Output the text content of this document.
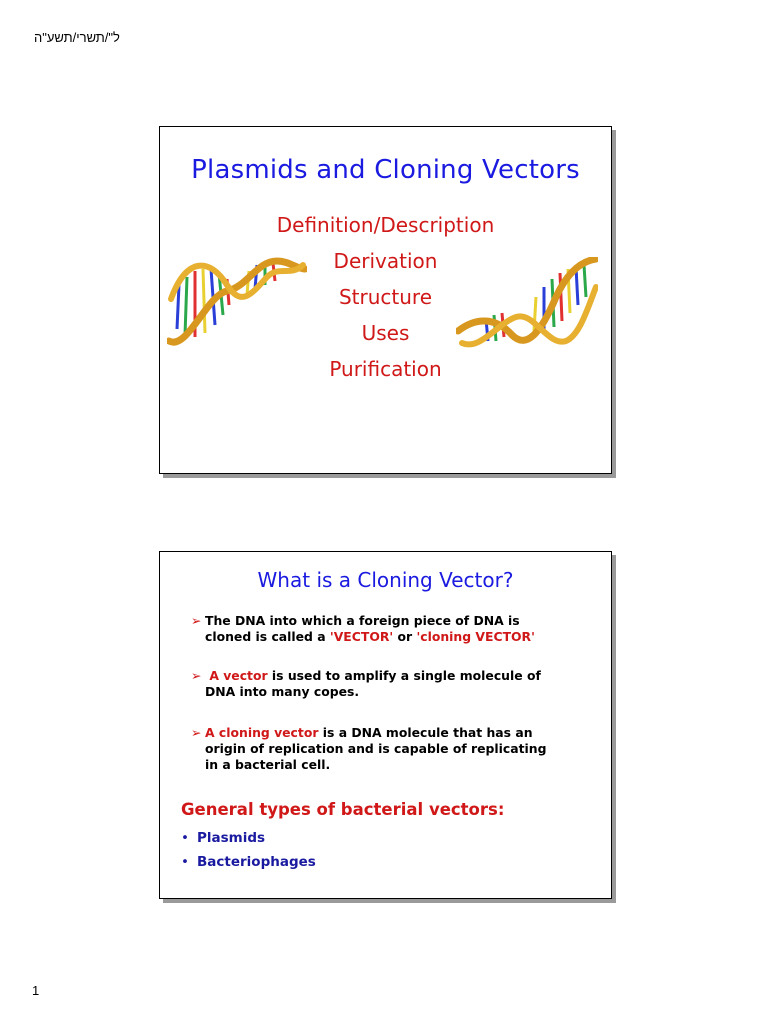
ל"/תשרי/תשע"ה
Plasmids and Cloning Vectors
Definition/Description
Derivation
Structure
Uses
Purification
What is a Cloning Vector?
➢ The DNA into which a foreign piece of DNA is
cloned is called a 'VECTOR' or 'cloning VECTOR'
➢ A vector is used to amplify a single molecule of
DNA into many copes.
➢ A cloning vector is a DNA molecule that has an
origin of replication and is capable of replicating
in a bacterial cell.
General types of bacterial vectors:
• Plasmids
• Bacteriophages
1
